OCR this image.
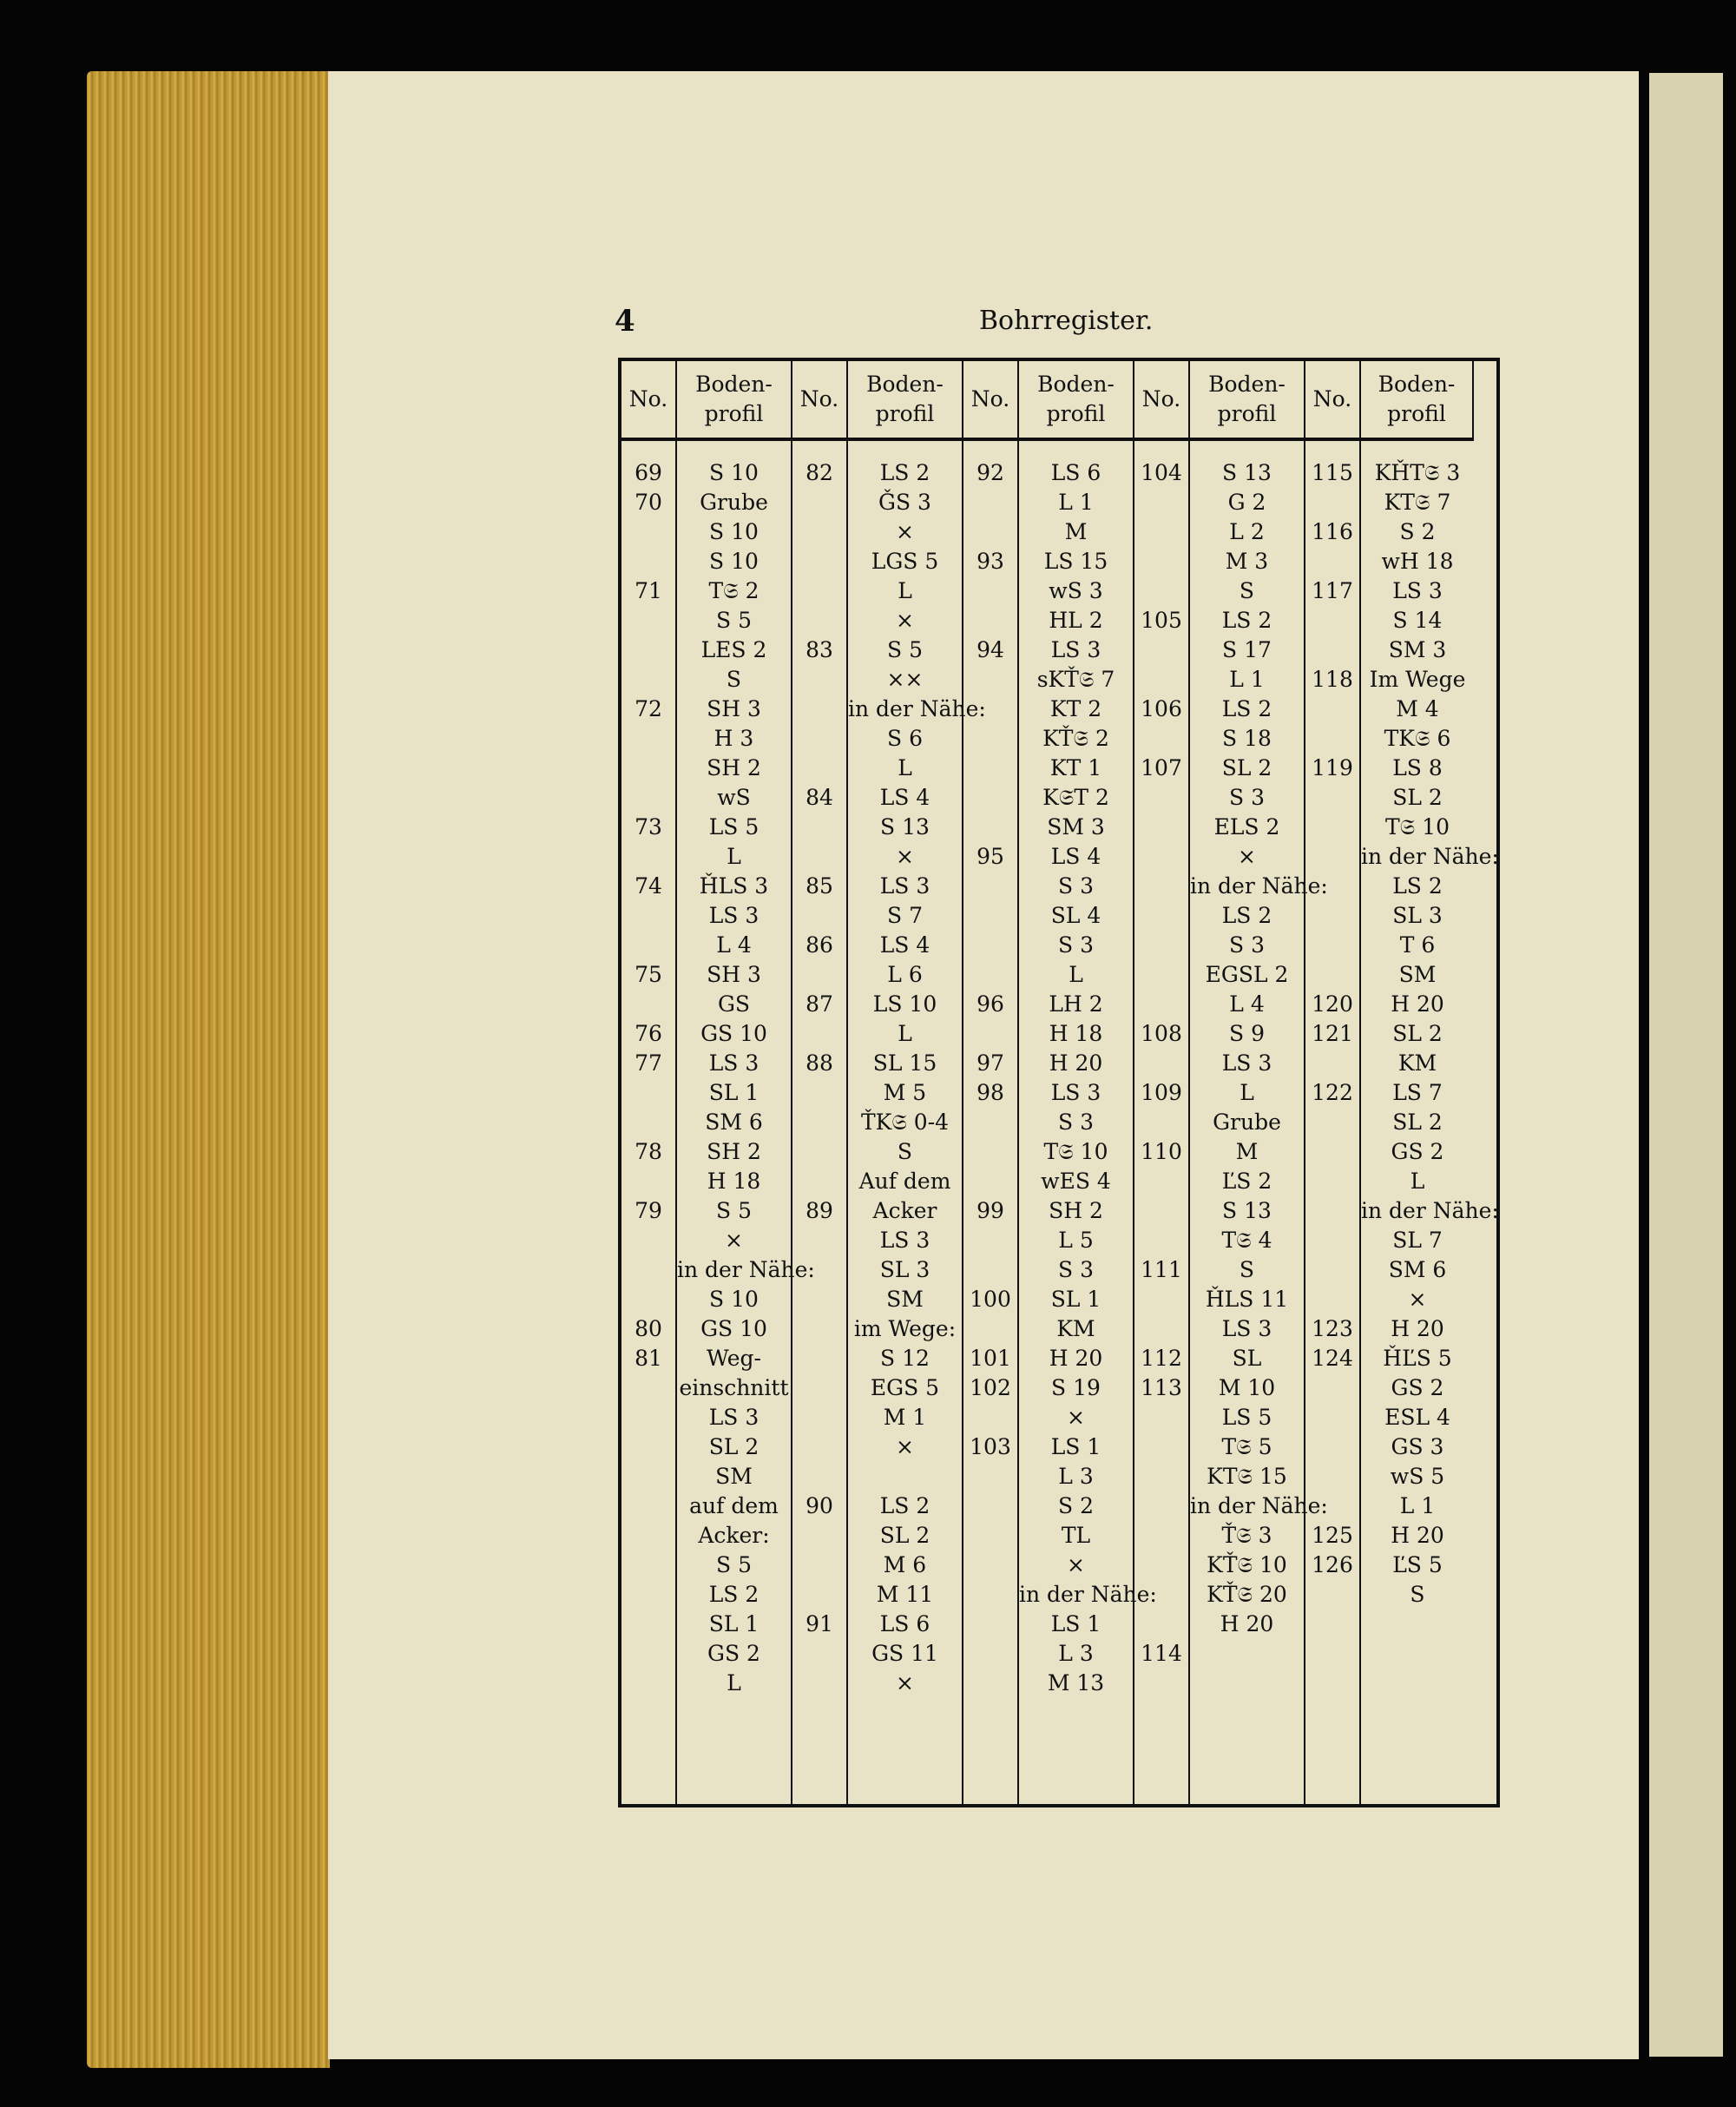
4	Bohrregister.
No.
Boden-profil
No.
Boden-profil
No.
Boden-profil
No.
Boden-profil
No.
Boden-profil
69
70

71

72

73

74

75

76
77

78

79

80
81

S 10
Grube
S 10
S 10
T𝔖 2
S 5
LES 2
S
SH 3
H 3
SH 2
wS
LS 5
L
ȞLS 3
LS 3
L 4
SH 3
GS
GS 10
LS 3
SL 1
SM 6
SH 2
H 18
S 5
×
in der Nähe:
S 10
GS 10
Weg-
einschnitt
LS 3
SL 2
SM
auf dem
Acker:
S 5
LS 2
SL 1
GS 2
L
82

83

84

85

86

87

88

89

90

91

LS 2
ǦS 3
×
LGS 5
L
×
S 5
××
in der Nähe:
S 6
L
LS 4
S 13
×
LS 3
S 7
LS 4
L 6
LS 10
L
SL 15
M 5
ŤK𝔖 0-4
S
Auf dem
Acker
LS 3
SL 3
SM
im Wege:
S 12
EGS 5
M 1
×

LS 2
SL 2
M 6
M 11
LS 6
GS 11
×
92

93

94

95

96

97
98

99

100

101
102

103

LS 6
L 1
M
LS 15
wS 3
HL 2
LS 3
sKŤ𝔖 7
KT 2
KŤ𝔖 2
KT 1
K𝔖T 2
SM 3
LS 4
S 3
SL 4
S 3
L
LH 2
H 18
H 20
LS 3
S 3
T𝔖 10
wES 4
SH 2
L 5
S 3
SL 1
KM
H 20
S 19
×
LS 1
L 3
S 2
TL
×
in der Nähe:
LS 1
L 3
M 13
104

105

106

107

108

109

110

111

112
113

114

S 13
G 2
L 2
M 3
S
LS 2
S 17
L 1
LS 2
S 18
SL 2
S 3
ELS 2
×
in der Nähe:
LS 2
S 3
EGSL 2
L 4
S 9
LS 3
L
Grube
M
ĽS 2
S 13
T𝔖 4
S
ȞLS 11
LS 3
SL
M 10
LS 5
T𝔖 5
KT𝔖 15
in der Nähe:
Ť𝔖 3
KŤ𝔖 10
KŤ𝔖 20
H 20

115

116

117

118

119

120
121

122

123
124

125
126

KȞT𝔖 3
KT𝔖 7
S 2
wH 18
LS 3
S 14
SM 3
Im Wege
M 4
TK𝔖 6
LS 8
SL 2
T𝔖 10
in der Nähe:
LS 2
SL 3
T 6
SM
H 20
SL 2
KM
LS 7
SL 2
GS 2
L
in der Nähe:
SL 7
SM 6
×
H 20
ȞĽS 5
GS 2
ESL 4
GS 3
wS 5
L 1
H 20
ĽS 5
S
